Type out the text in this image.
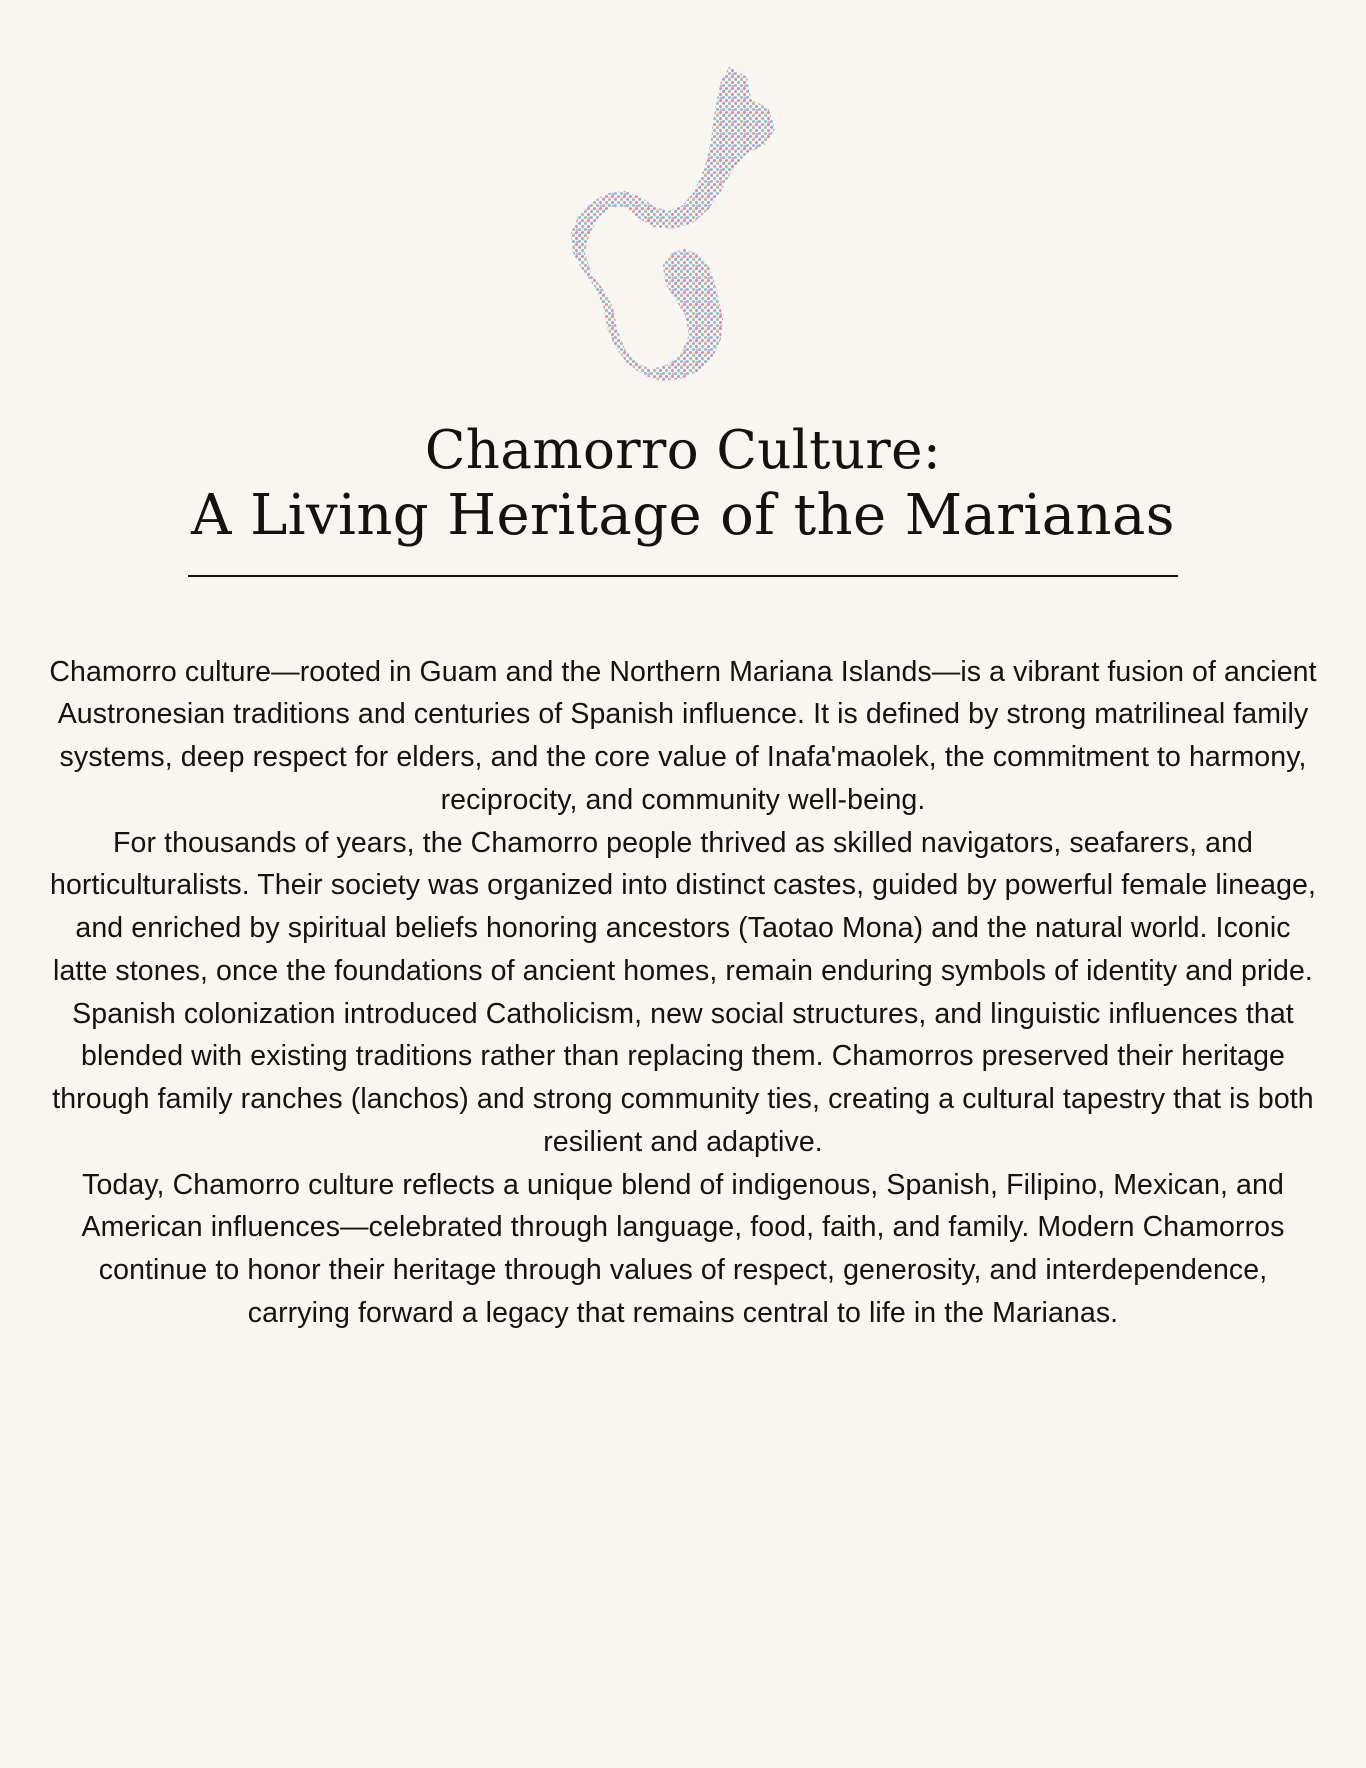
Chamorro Culture:
A Living Heritage of the Marianas

Chamorro culture—rooted in Guam and the Northern Mariana Islands—is a vibrant fusion of ancient Austronesian traditions and centuries of Spanish influence. It is defined by strong matrilineal family systems, deep respect for elders, and the core value of Inafa'maolek, the commitment to harmony, reciprocity, and community well-being.

For thousands of years, the Chamorro people thrived as skilled navigators, seafarers, and horticulturalists. Their society was organized into distinct castes, guided by powerful female lineage, and enriched by spiritual beliefs honoring ancestors (Taotao Mona) and the natural world. Iconic latte stones, once the foundations of ancient homes, remain enduring symbols of identity and pride.

Spanish colonization introduced Catholicism, new social structures, and linguistic influences that blended with existing traditions rather than replacing them. Chamorros preserved their heritage through family ranches (lanchos) and strong community ties, creating a cultural tapestry that is both resilient and adaptive.

Today, Chamorro culture reflects a unique blend of indigenous, Spanish, Filipino, Mexican, and American influences—celebrated through language, food, faith, and family. Modern Chamorros continue to honor their heritage through values of respect, generosity, and interdependence, carrying forward a legacy that remains central to life in the Marianas.
